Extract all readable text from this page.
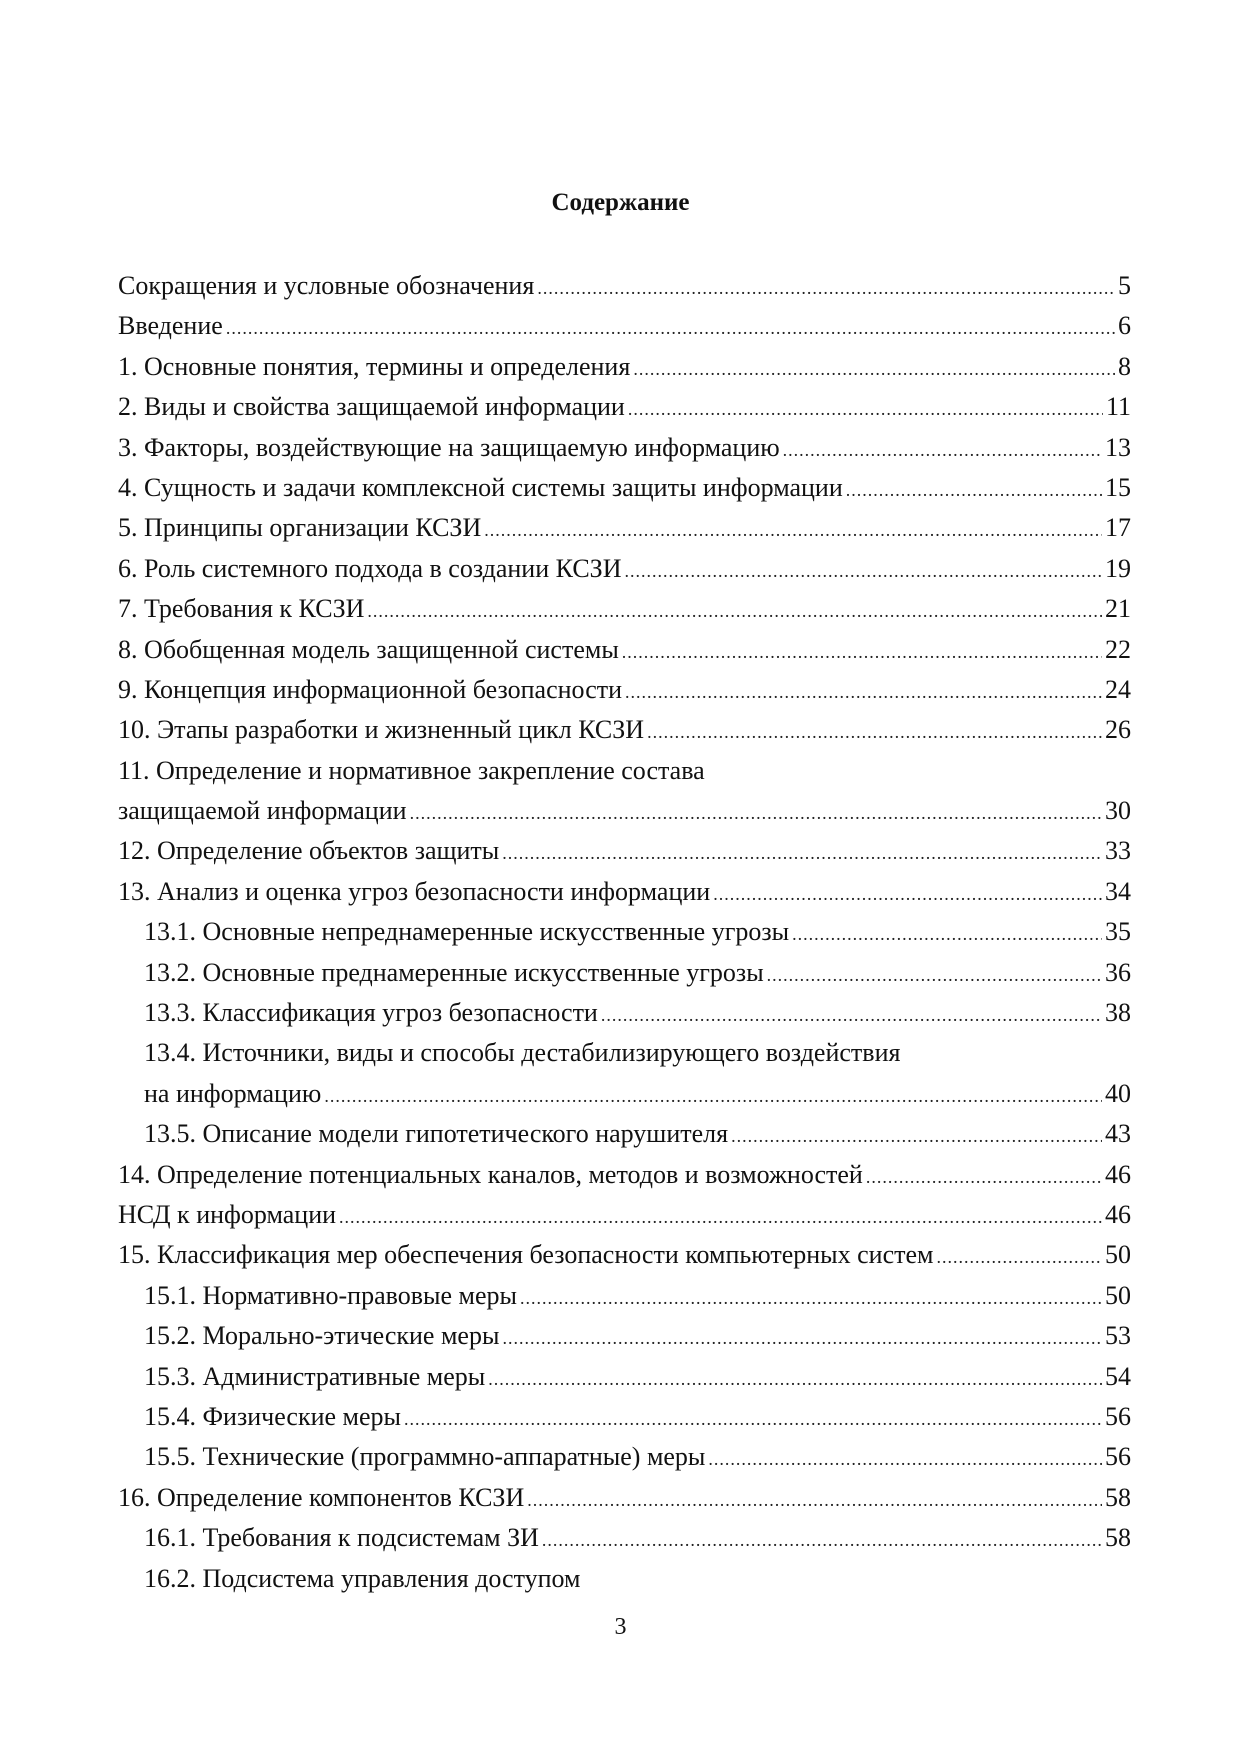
Содержание
Сокращения и условные обозначения .....	5
Введение .....	6
1. Основные понятия, термины и определения .....	8
2. Виды и свойства защищаемой информации .....	11
3. Факторы, воздействующие на защищаемую информацию .....	13
4. Сущность и задачи комплексной системы защиты информации .....	15
5. Принципы организации КСЗИ .....	17
6. Роль системного подхода в создании КСЗИ .....	19
7. Требования к КСЗИ .....	21
8. Обобщенная модель защищенной системы .....	22
9. Концепция информационной безопасности .....	24
10. Этапы разработки и жизненный цикл КСЗИ .....	26
11. Определение и нормативное закрепление состава
защищаемой информации .....	30
12. Определение объектов защиты .....	33
13. Анализ и оценка угроз безопасности информации .....	34
13.1. Основные непреднамеренные искусственные угрозы .....	35
13.2. Основные преднамеренные искусственные угрозы .....	36
13.3. Классификация угроз безопасности .....	38
13.4. Источники, виды и способы дестабилизирующего воздействия
на информацию .....	40
13.5. Описание модели гипотетического нарушителя .....	43
14. Определение потенциальных каналов, методов и возможностей .....	46
НСД к информации .....	46
15. Классификация мер обеспечения безопасности компьютерных систем .....	50
15.1. Нормативно-правовые меры .....	50
15.2. Морально-этические меры .....	53
15.3. Административные меры .....	54
15.4. Физические меры .....	56
15.5. Технические (программно-аппаратные) меры .....	56
16. Определение компонентов КСЗИ .....	58
16.1. Требования к подсистемам ЗИ .....	58
16.2. Подсистема управления доступом
3
